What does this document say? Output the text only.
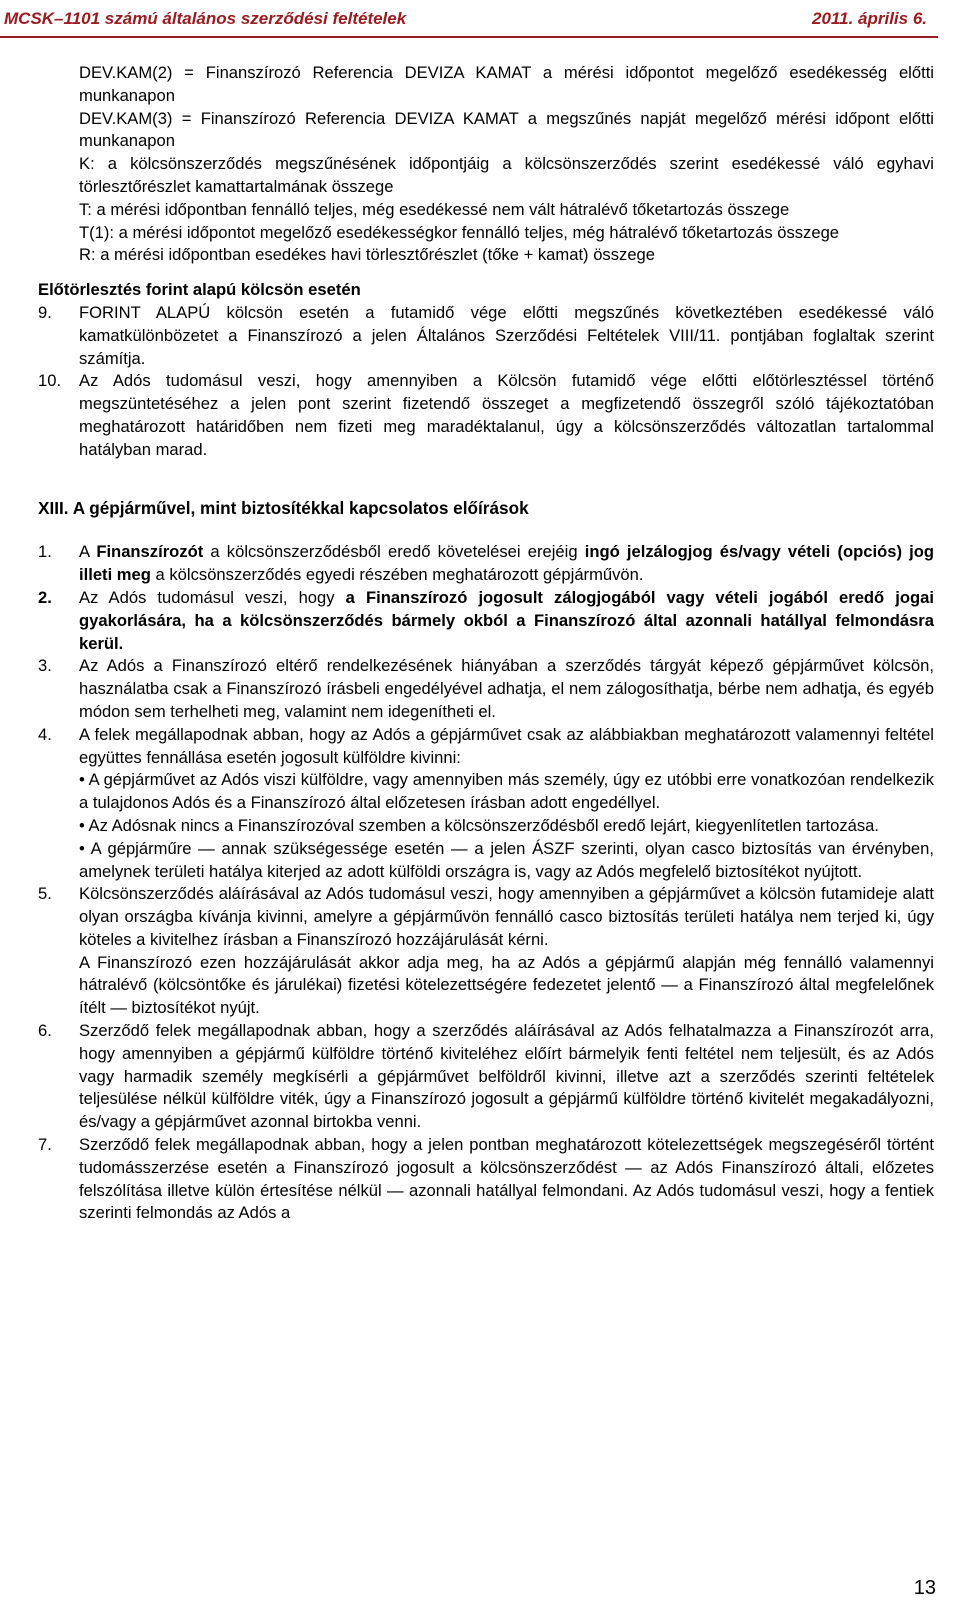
MCSK–1101 számú általános szerződési feltételek	2011. április 6.

DEV.KAM(2) = Finanszírozó Referencia DEVIZA KAMAT a mérési időpontot megelőző esedékesség előtti munkanapon

DEV.KAM(3) = Finanszírozó Referencia DEVIZA KAMAT a megszűnés napját megelőző mérési időpont előtti munkanapon

K: a kölcsönszerződés megszűnésének időpontjáig a kölcsönszerződés szerint esedékessé váló egyhavi törlesztőrészlet kamattartalmának összege

T: a mérési időpontban fennálló teljes, még esedékessé nem vált hátralévő tőketartozás összege

T(1): a mérési időpontot megelőző esedékességkor fennálló teljes, még hátralévő tőketartozás összege

R: a mérési időpontban esedékes havi törlesztőrészlet (tőke + kamat) összege

Előtörlesztés forint alapú kölcsön esetén

9. FORINT ALAPÚ kölcsön esetén a futamidő vége előtti megszűnés következtében esedékessé váló kamatkülönbözetet a Finanszírozó a jelen Általános Szerződési Feltételek VIII/11. pontjában foglaltak szerint számítja.

10. Az Adós tudomásul veszi, hogy amennyiben a Kölcsön futamidő vége előtti előtörlesztéssel történő megszüntetéséhez a jelen pont szerint fizetendő összeget a megfizetendő összegről szóló tájékoztatóban meghatározott határidőben nem fizeti meg maradéktalanul, úgy a kölcsönszerződés változatlan tartalommal hatályban marad.

XIII. A gépjárművel, mint biztosítékkal kapcsolatos előírások

1. A Finanszírozót a kölcsönszerződésből eredő követelései erejéig ingó jelzálogjog és/vagy vételi (opciós) jog illeti meg a kölcsönszerződés egyedi részében meghatározott gépjárművön.

2. Az Adós tudomásul veszi, hogy a Finanszírozó jogosult zálogjogából vagy vételi jogából eredő jogai gyakorlására, ha a kölcsönszerződés bármely okból a Finanszírozó által azonnali hatállyal felmondásra kerül.

3. Az Adós a Finanszírozó eltérő rendelkezésének hiányában a szerződés tárgyát képező gépjárművet kölcsön, használatba csak a Finanszírozó írásbeli engedélyével adhatja, el nem zálogosíthatja, bérbe nem adhatja, és egyéb módon sem terhelheti meg, valamint nem idegenítheti el.

4. A felek megállapodnak abban, hogy az Adós a gépjárművet csak az alábbiakban meghatározott valamennyi feltétel együttes fennállása esetén jogosult külföldre kivinni:

• A gépjárművet az Adós viszi külföldre, vagy amennyiben más személy, úgy ez utóbbi erre vonatkozóan rendelkezik a tulajdonos Adós és a Finanszírozó által előzetesen írásban adott engedéllyel.

• Az Adósnak nincs a Finanszírozóval szemben a kölcsönszerződésből eredő lejárt, kiegyenlítetlen tartozása.

• A gépjárműre — annak szükségessége esetén — a jelen ÁSZF szerinti, olyan casco biztosítás van érvényben, amelynek területi hatálya kiterjed az adott külföldi országra is, vagy az Adós megfelelő biztosítékot nyújtott.

5. Kölcsönszerződés aláírásával az Adós tudomásul veszi, hogy amennyiben a gépjárművet a kölcsön futamideje alatt olyan országba kívánja kivinni, amelyre a gépjárművön fennálló casco biztosítás területi hatálya nem terjed ki, úgy köteles a kivitelhez írásban a Finanszírozó hozzájárulását kérni.

A Finanszírozó ezen hozzájárulását akkor adja meg, ha az Adós a gépjármű alapján még fennálló valamennyi hátralévő (kölcsöntőke és járulékai) fizetési kötelezettségére fedezetet jelentő — a Finanszírozó által megfelelőnek ítélt — biztosítékot nyújt.

6. Szerződő felek megállapodnak abban, hogy a szerződés aláírásával az Adós felhatalmazza a Finanszírozót arra, hogy amennyiben a gépjármű külföldre történő kiviteléhez előírt bármelyik fenti feltétel nem teljesült, és az Adós vagy harmadik személy megkísérli a gépjárművet belföldről kivinni, illetve azt a szerződés szerinti feltételek teljesülése nélkül külföldre viték, úgy a Finanszírozó jogosult a gépjármű külföldre történő kivitelét megakadályozni, és/vagy a gépjárművet azonnal birtokba venni.

7. Szerződő felek megállapodnak abban, hogy a jelen pontban meghatározott kötelezettségek megszegéséről történt tudomásszerzése esetén a Finanszírozó jogosult a kölcsönszerződést — az Adós Finanszírozó általi, előzetes felszólítása illetve külön értesítése nélkül — azonnali hatállyal felmondani. Az Adós tudomásul veszi, hogy a fentiek szerinti felmondás az Adós a

13
